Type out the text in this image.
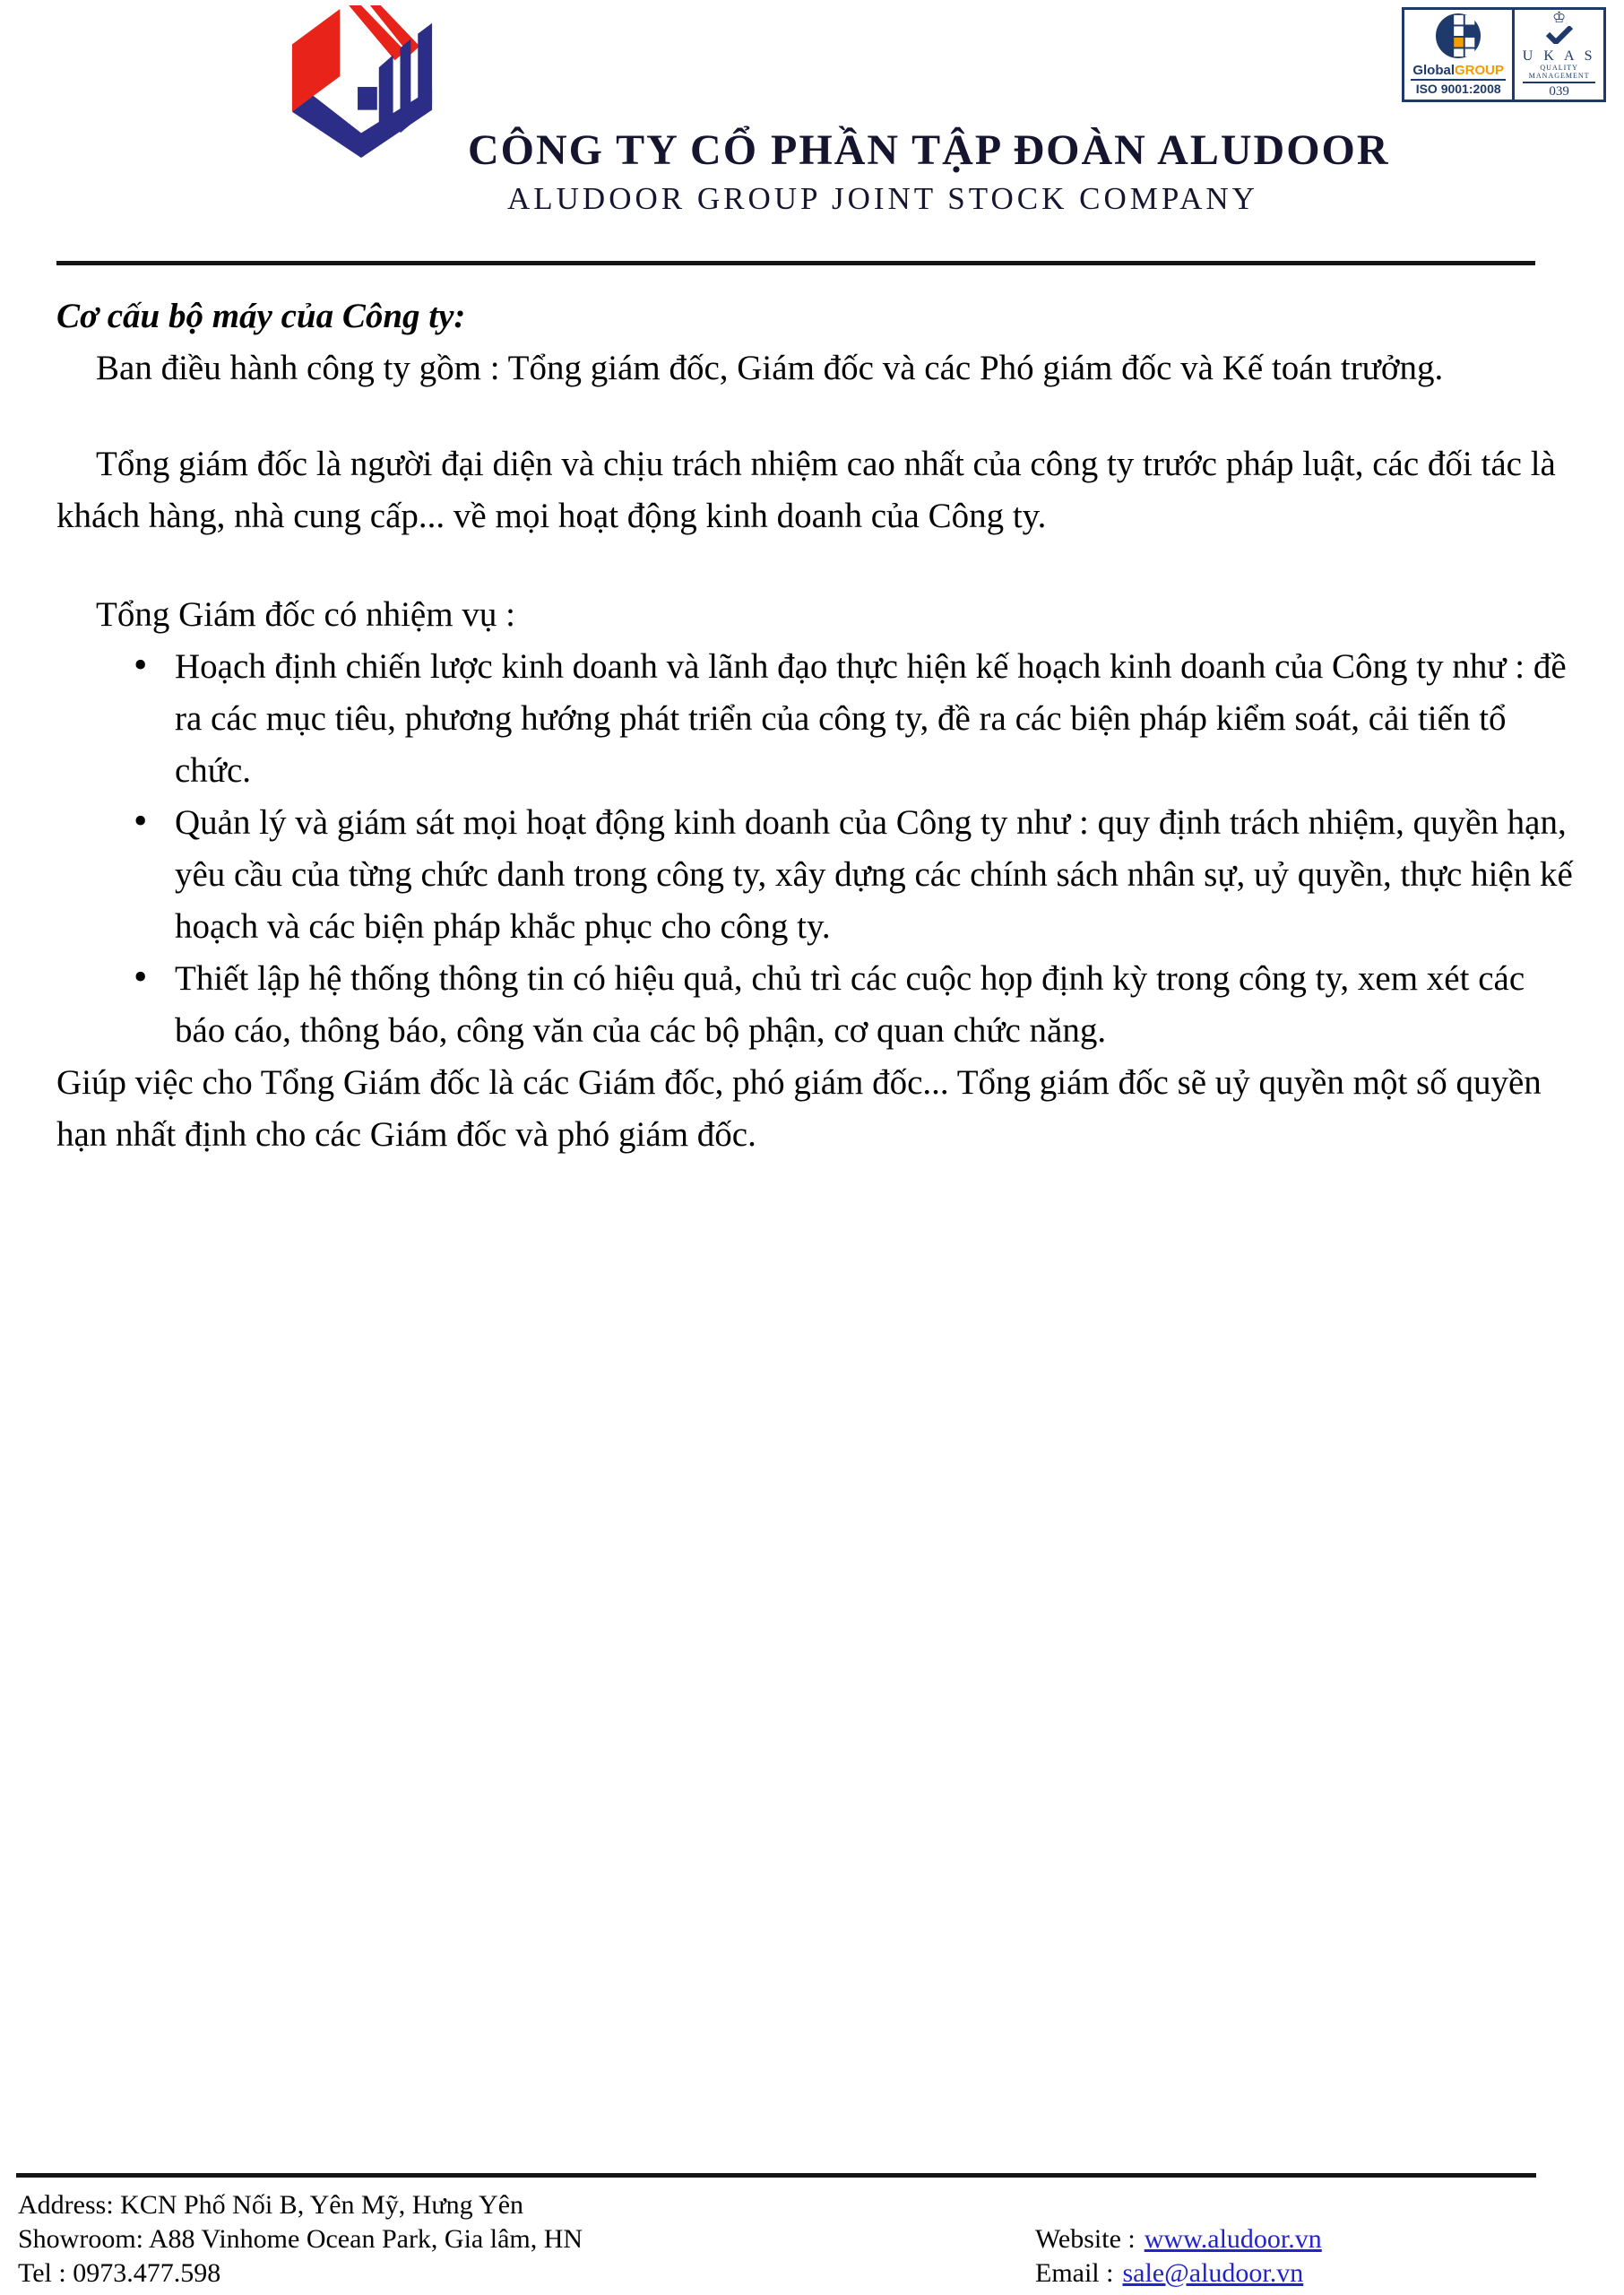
CÔNG TY CỔ PHẦN TẬP ĐOÀN ALUDOOR
ALUDOOR GROUP JOINT STOCK COMPANY
GlobalGROUP
ISO 9001:2008
♔
U K A S
QUALITY
MANAGEMENT
039

Cơ cấu bộ máy của Công ty:

Ban điều hành công ty gồm : Tổng giám đốc, Giám đốc và các Phó giám đốc và Kế toán trưởng.

Tổng giám đốc là người đại diện và chịu trách nhiệm cao nhất của công ty trước pháp luật, các đối tác là khách hàng, nhà cung cấp... về mọi hoạt động kinh doanh của Công ty.

Tổng Giám đốc có nhiệm vụ :

• Hoạch định chiến lược kinh doanh và lãnh đạo thực hiện kế hoạch kinh doanh của Công ty như : đề ra các mục tiêu, phương hướng phát triển của công ty, đề ra các biện pháp kiểm soát, cải tiến tổ chức.
• Quản lý và giám sát mọi hoạt động kinh doanh của Công ty như : quy định trách nhiệm, quyền hạn, yêu cầu của từng chức danh trong công ty, xây dựng các chính sách nhân sự, uỷ quyền, thực hiện kế hoạch và các biện pháp khắc phục cho công ty.
• Thiết lập hệ thống thông tin có hiệu quả, chủ trì các cuộc họp định kỳ trong công ty, xem xét các báo cáo, thông báo, công văn của các bộ phận, cơ quan chức năng.

Giúp việc cho Tổng Giám đốc là các Giám đốc, phó giám đốc... Tổng giám đốc sẽ uỷ quyền một số quyền hạn nhất định cho các Giám đốc và phó giám đốc.

Address: KCN Phố Nối B, Yên Mỹ, Hưng Yên
Showroom: A88 Vinhome Ocean Park, Gia lâm, HN
Tel : 0973.477.598
Website : www.aludoor.vn
Email : sale@aludoor.vn
